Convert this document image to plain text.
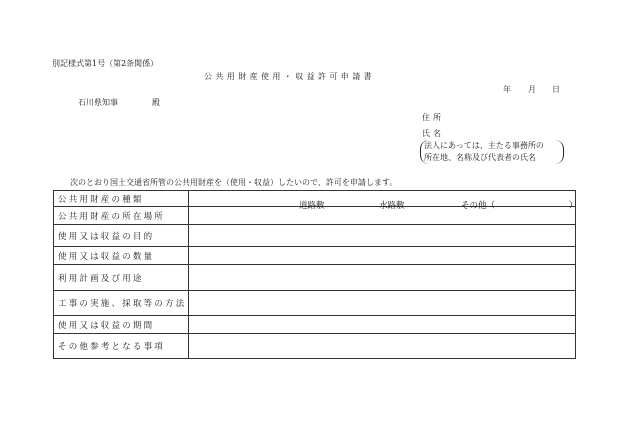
別記様式第1号（第2条関係）
公共用財産使用・収益許可申請書
年 月 日
石川県知事	殿
住所
氏名
法人にあっては、主たる事務所の
所在地、名称及び代表者の氏名
次のとおり国土交通省所管の公共用財産を（使用・収益）したいので、許可を申請します。
公共用財産の種類	道路敷 水路敷 その他（ ）

公共用財産の所在場所	
使用又は収益の目的	
使用又は収益の数量	
利用計画及び用途	
工事の実施、採取等の方法	
使用又は収益の期間	
その他参考となる事項	
